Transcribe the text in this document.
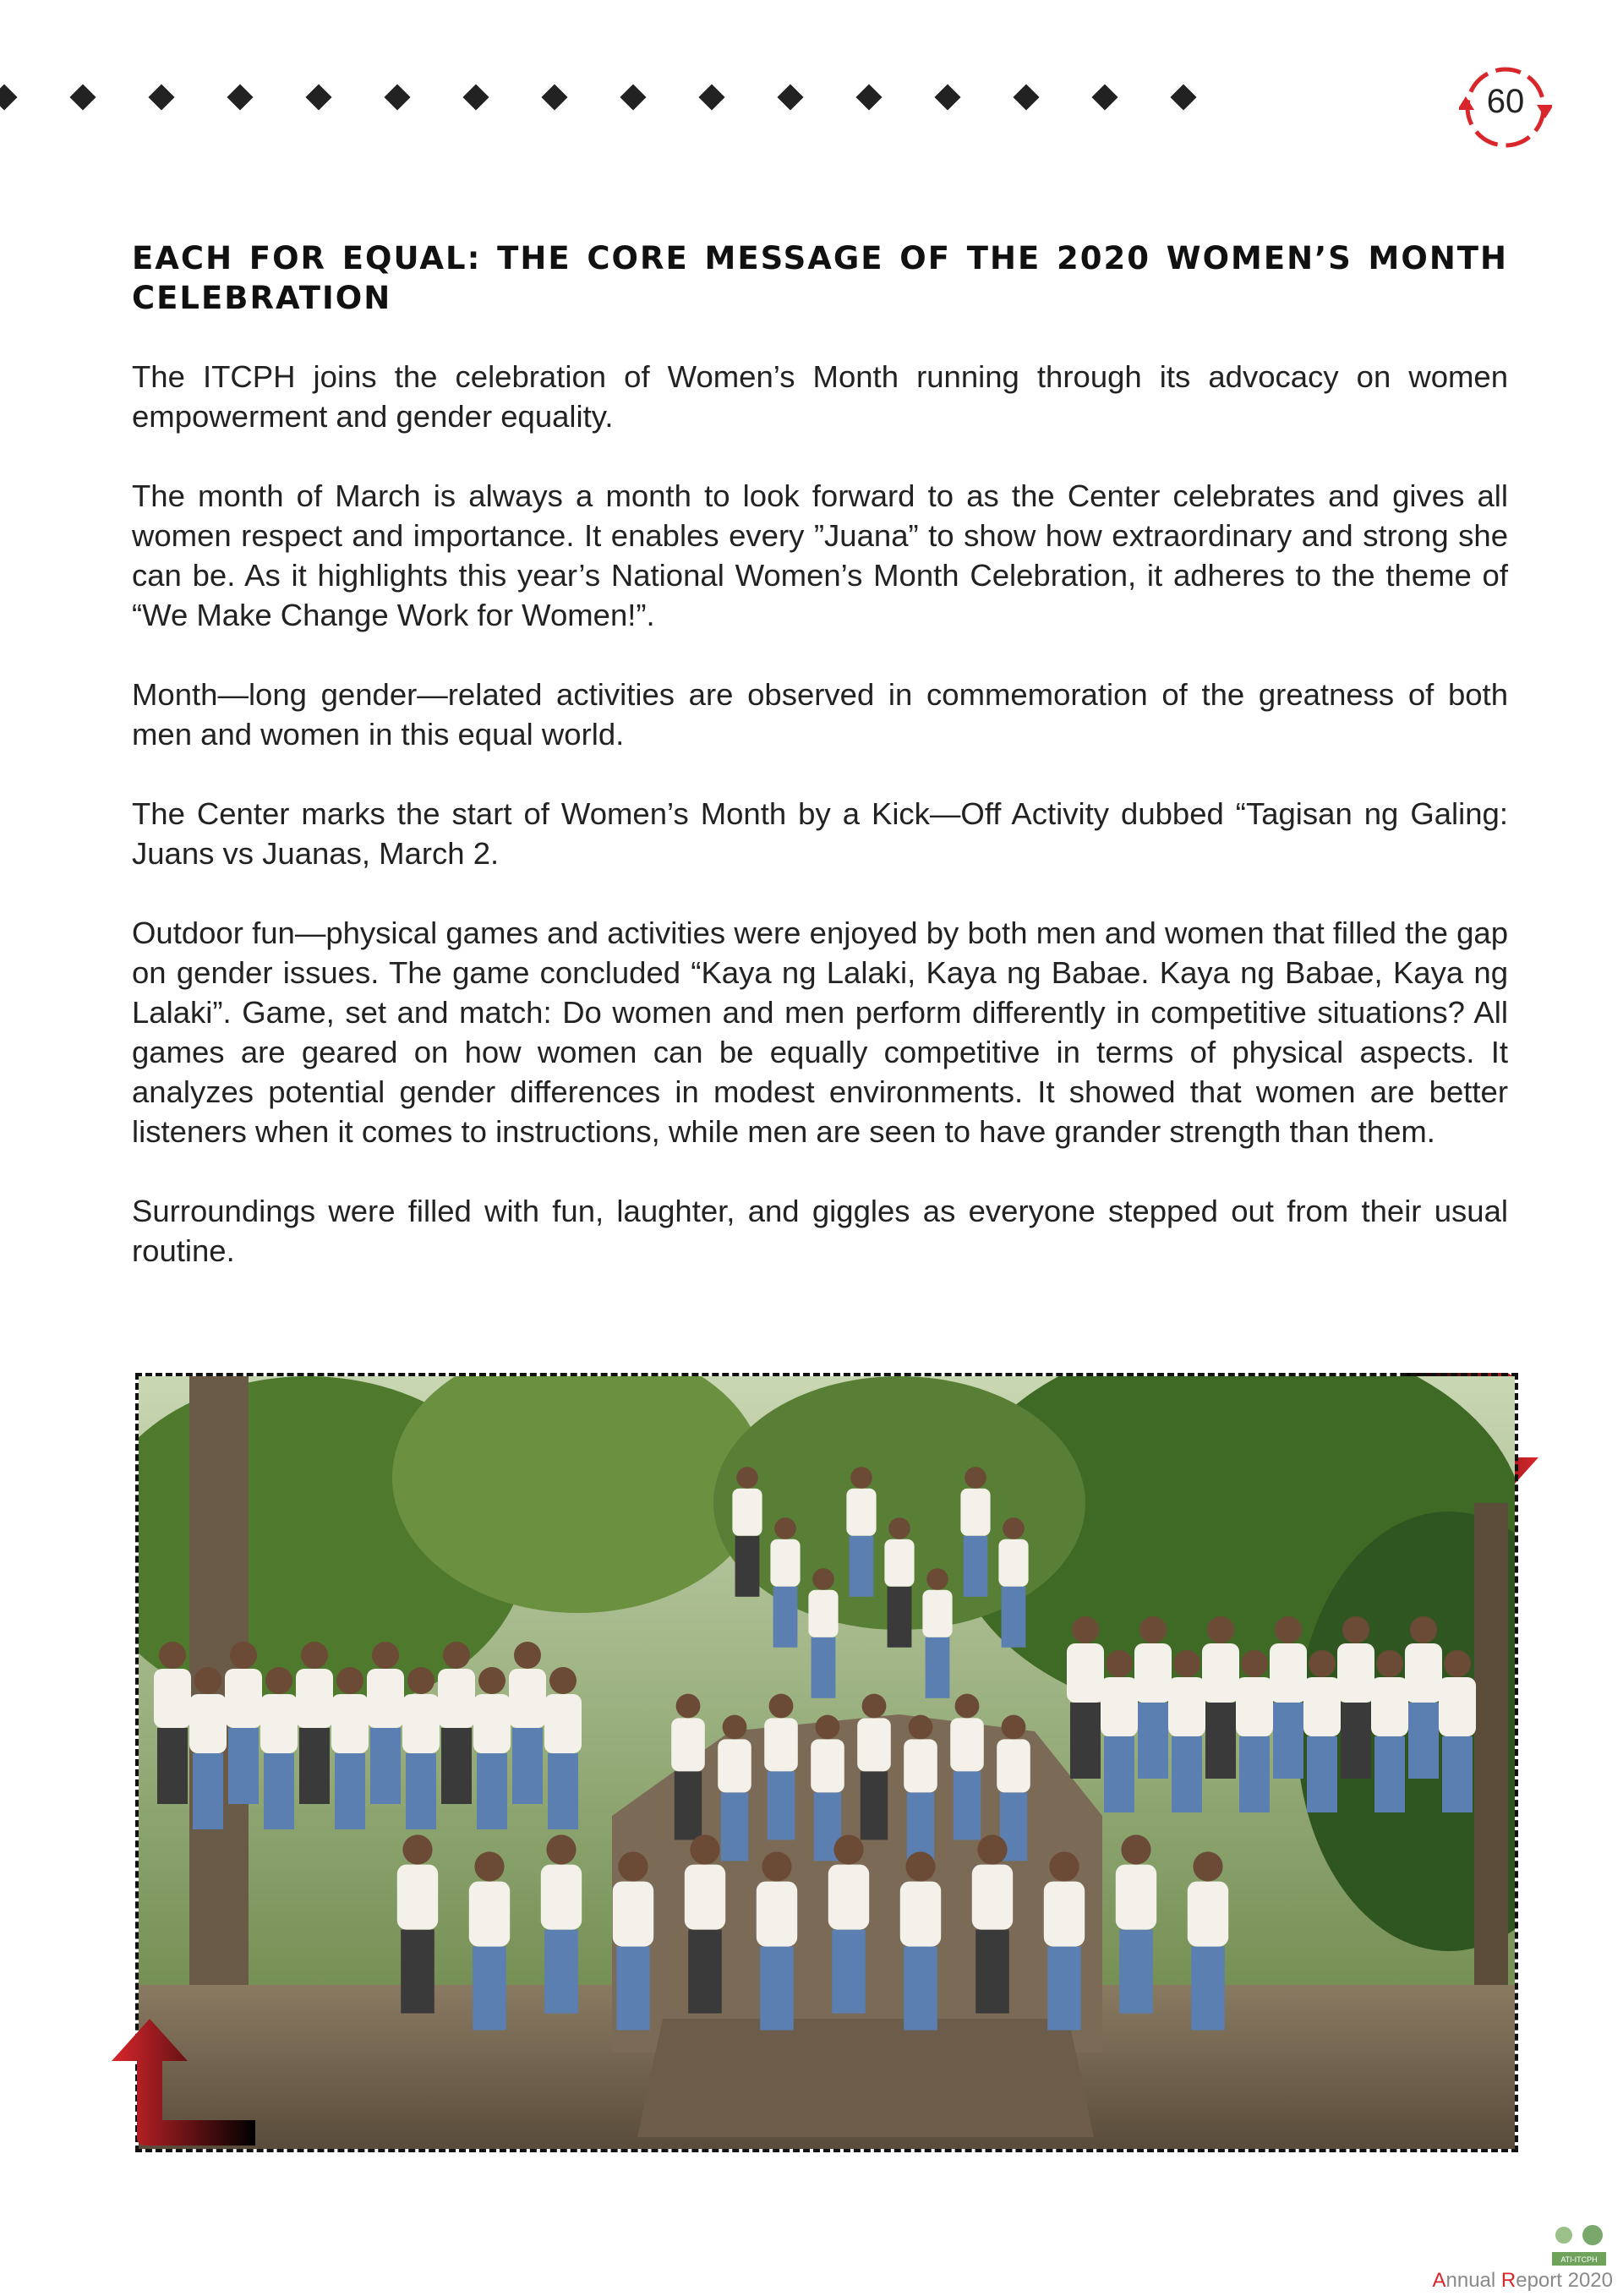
60
EACH FOR EQUAL: THE CORE MESSAGE OF THE 2020 WOMEN’S MONTH CELEBRATION

The ITCPH joins the celebration of Women’s Month running through its advocacy on women empowerment and gender equality.

The month of March is always a month to look forward to as the Center celebrates and gives all women respect and importance. It enables every ”Juana” to show how extraordinary and strong she can be. As it highlights this year’s National Women’s Month Celebration, it adheres to the theme of “We Make Change Work for Women!”.

Month—long gender—related activities are observed in commemoration of the greatness of both men and women in this equal world.

The Center marks the start of Women’s Month by a Kick—Off Activity dubbed “Tagisan ng Galing: Juans vs Juanas, March 2.

Outdoor fun—physical games and activities were enjoyed by both men and women that filled the gap on gender issues. The game concluded “Kaya ng Lalaki, Kaya ng Babae. Kaya ng Babae, Kaya ng Lalaki”. Game, set and match: Do women and men perform differently in competitive situations? All games are geared on how women can be equally competitive in terms of physical aspects. It analyzes potential gender differences in modest environments. It showed that women are better listeners when it comes to instructions, while men are seen to have grander strength than them.

Surroundings were filled with fun, laughter, and giggles as everyone stepped out from their usual routine.

ATI-ITCPH
Annual Report 2020
